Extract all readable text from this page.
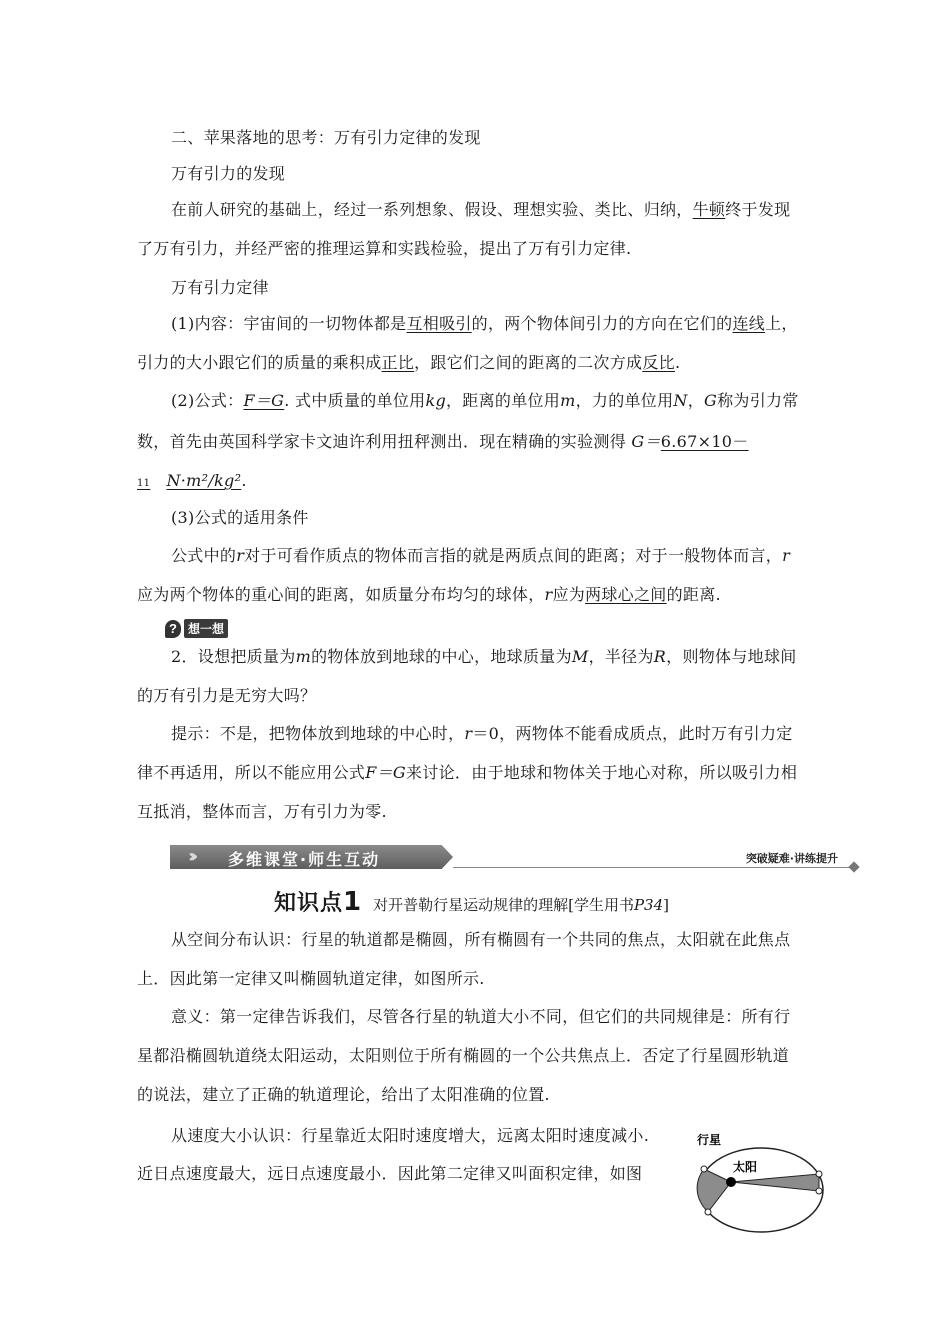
二、苹果落地的思考：万有引力定律的发现
万有引力的发现
在前人研究的基础上，经过一系列想象、假设、理想实验、类比、归纳，牛顿终于发现
了万有引力，并经严密的推理运算和实践检验，提出了万有引力定律.
万有引力定律
(1)内容：宇宙间的一切物体都是互相吸引的，两个物体间引力的方向在它们的连线上，
引力的大小跟它们的质量的乘积成正比，跟它们之间的距离的二次方成反比.
(2)公式：F＝G. 式中质量的单位用kg，距离的单位用m，力的单位用N，G称为引力常
数，首先由英国科学家卡文迪许利用扭秤测出．现在精确的实验测得 G＝6.67×10－
11 N·m²/kg².
(3)公式的适用条件
公式中的r对于可看作质点的物体而言指的就是两质点间的距离；对于一般物体而言，r
应为两个物体的重心间的距离，如质量分布均匀的球体，r应为两球心之间的距离.
? 想一想
2．设想把质量为m的物体放到地球的中心，地球质量为M，半径为R，则物体与地球间
的万有引力是无穷大吗？
提示：不是，把物体放到地球的中心时，r＝0，两物体不能看成质点，此时万有引力定
律不再适用，所以不能应用公式F＝G来讨论．由于地球和物体关于地心对称，所以吸引力相
互抵消，整体而言，万有引力为零.
››› 多维课堂·师生互动	突破疑难·讲练提升
知识点 1 对开普勒行星运动规律的理解[学生用书P34]
从空间分布认识：行星的轨道都是椭圆，所有椭圆有一个共同的焦点，太阳就在此焦点
上．因此第一定律又叫椭圆轨道定律，如图所示.
意义：第一定律告诉我们，尽管各行星的轨道大小不同，但它们的共同规律是：所有行
星都沿椭圆轨道绕太阳运动，太阳则位于所有椭圆的一个公共焦点上．否定了行星圆形轨道
的说法，建立了正确的轨道理论，给出了太阳准确的位置.
从速度大小认识：行星靠近太阳时速度增大，远离太阳时速度减小.
近日点速度最大，远日点速度最小．因此第二定律又叫面积定律，如图
行星
太阳
